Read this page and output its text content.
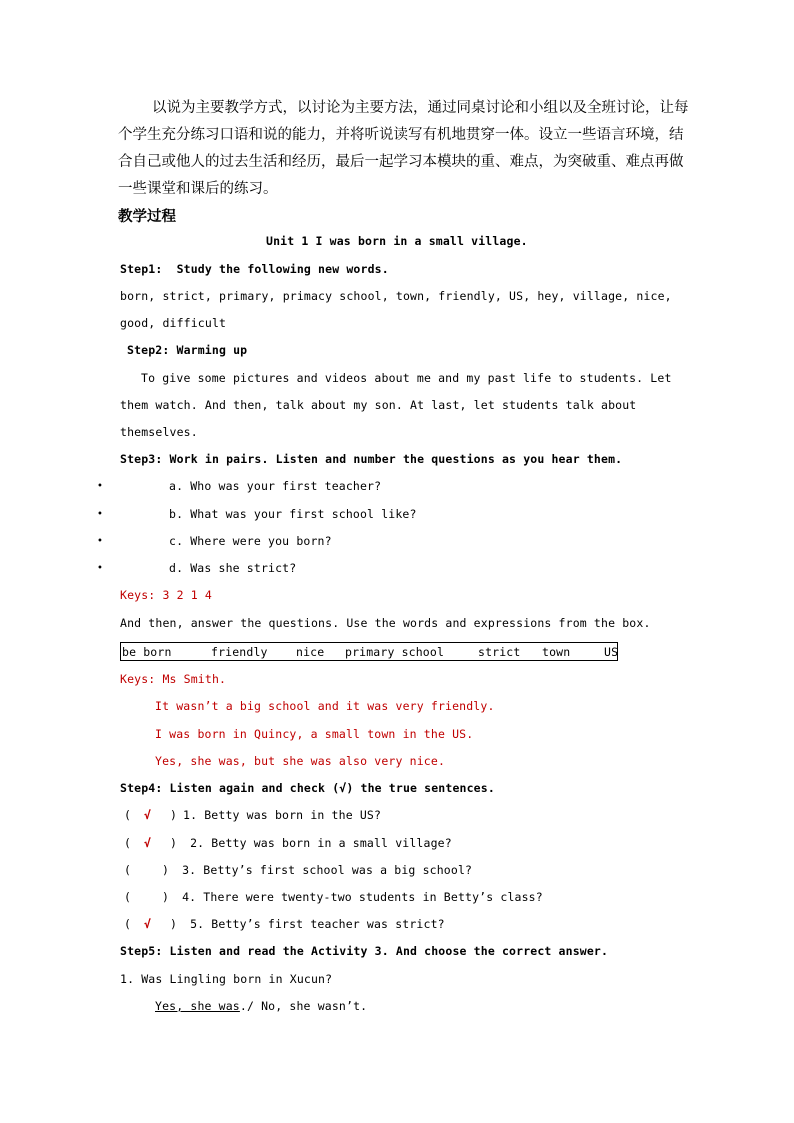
以说为主要教学方式，以讨论为主要方法，通过同桌讨论和小组以及全班讨论，让每
个学生充分练习口语和说的能力，并将听说读写有机地贯穿一体。设立一些语言环境，结
合自己或他人的过去生活和经历，最后一起学习本模块的重、难点，为突破重、难点再做
一些课堂和课后的练习。
教学过程
Unit 1 I was born in a small village.
Step1:  Study the following new words.
born, strict, primary, primacy school, town, friendly, US, hey, village, nice,
good, difficult
Step2: Warming up
To give some pictures and videos about me and my past life to students. Let
them watch. And then, talk about my son. At last, let students talk about
themselves.
Step3: Work in pairs. Listen and number the questions as you hear them.
•	a. Who was your first teacher?
•	b. What was your first school like?
•	c. Where were you born?
•	d. Was she strict?
Keys: 3 2 1 4
And then, answer the questions. Use the words and expressions from the box.
be born	friendly nice primary school	strict town	US
Keys: Ms Smith.
It wasn’t a big school and it was very friendly.
I was born in Quincy, a small town in the US.
Yes, she was, but she was also very nice.
Step4: Listen again and check (√) the true sentences.
( √ ) 1. Betty was born in the US?
( √ ) 2. Betty was born in a small village?
(	) 3. Betty’s first school was a big school?
(	) 4. There were twenty-two students in Betty’s class?
( √ ) 5. Betty’s first teacher was strict?
Step5: Listen and read the Activity 3. And choose the correct answer.
1. Was Lingling born in Xucun?
Yes, she was./ No, she wasn’t.
